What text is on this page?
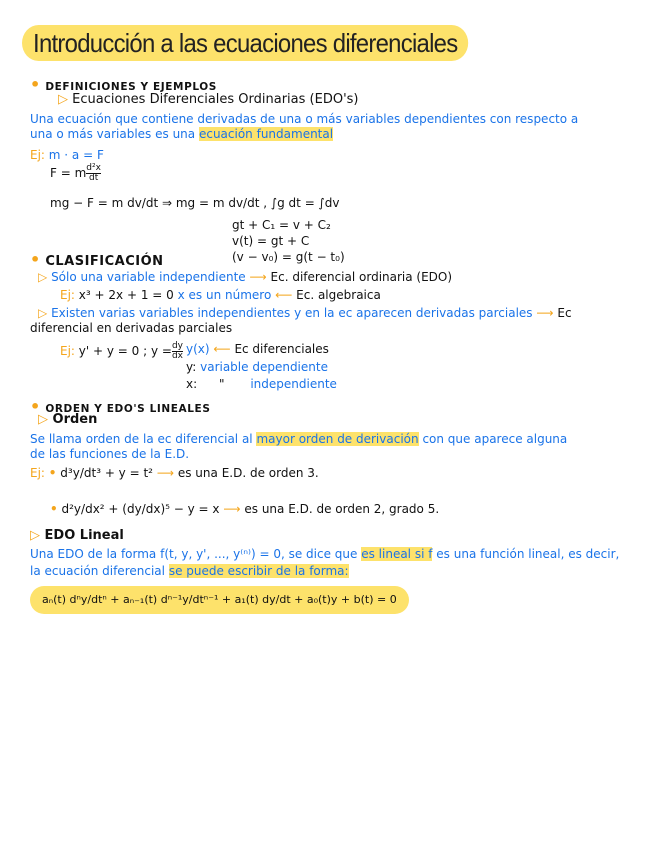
Introducción a las ecuaciones diferenciales
• DEFINICIONES Y EJEMPLOS
▷ Ecuaciones Diferenciales Ordinarias (EDO's)
Una ecuación que contiene derivadas de una o más variables dependientes con respecto a
una o más variables es una ecuación fundamental
Ej: m · a = F
F = m $\frac{\text{d²x}}{dt}$
mg − F = m dv/dt ⇒ mg = m dv/dt , ∫g dt = ∫dv
gt + C₁ = v + C₂
v(t) = gt + C
(v − v₀) = g(t − t₀)
• CLASIFICACIÓN
▷ Sólo una variable independiente ⟶ Ec. diferencial ordinaria (EDO)
Ej: x³ + 2x + 1 = 0 x es un número ⟵ Ec. algebraica
▷ Existen varias variables independientes y en la ec aparecen derivadas parciales ⟶ Ec
diferencial en derivadas parciales
Ej: y' + y = 0 ; $y = \frac{dy}{dx} y(x)$ ⟵ Ec diferenciales
y: variable dependiente
x: " independiente
• ORDEN Y EDO'S LINEALES
▷ Orden
Se llama orden de la ec diferencial al mayor orden de derivación con que aparece alguna
de las funciones de la E.D.
Ej: • d³y/dt³ + y = t² ⟶ es una E.D. de orden 3.
• d²y/dx² + (dy/dx)⁵ − y = x ⟶ es una E.D. de orden 2, grado 5.
▷ EDO Lineal
Una EDO de la forma f(t, y, y', ..., y⁽ⁿ⁾) = 0, se dice que es lineal si f es una función lineal, es decir,
la ecuación diferencial se puede escribir de la forma:
aₙ(t) dⁿy/dtⁿ + aₙ₋₁(t) dⁿ⁻¹y/dtⁿ⁻¹ + a₁(t) dy/dt + a₀(t)y + b(t) = 0
